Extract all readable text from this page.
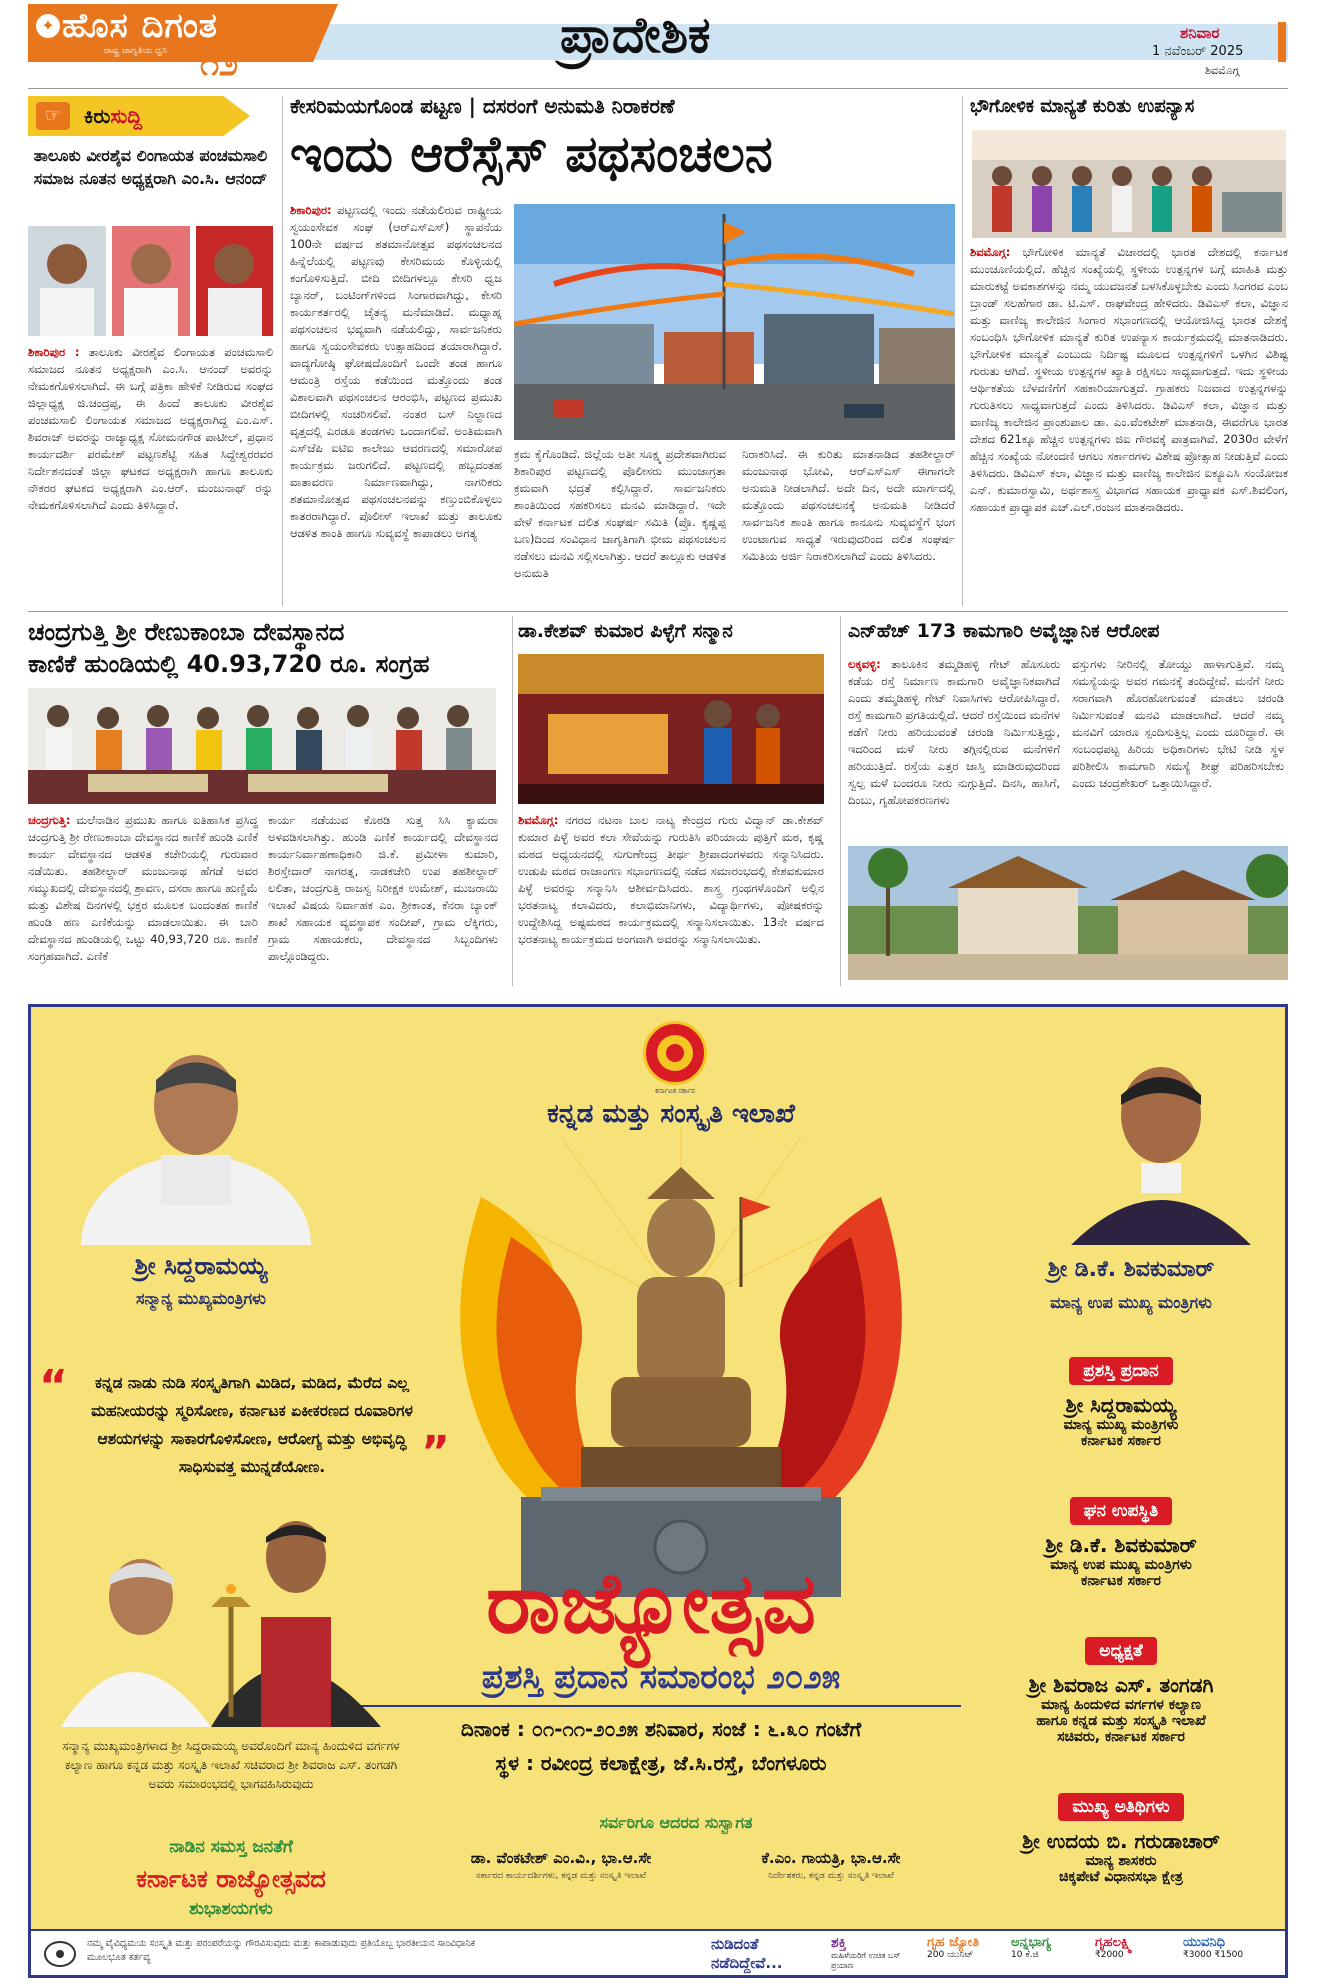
✦ ಹೊಸ ದಿಗಂತ
ರಾಷ್ಟ್ರ ಜಾಗೃತಿಯ ಧ್ವನಿ ೧೨	ಪ್ರಾದೇಶಿಕ	ಶನಿವಾರ
1 ನವೆಂಬರ್ 2025
ಶಿವಮೊಗ್ಗ
☞	ಕಿರುಸುದ್ದಿ
ತಾಲೂಕು ವೀರಶೈವ ಲಿಂಗಾಯತ ಪಂಚಮಸಾಲಿ ಸಮಾಜ ನೂತನ ಅಧ್ಯಕ್ಷರಾಗಿ ಎಂ.ಸಿ. ಆನಂದ್
ಶಿಕಾರಿಪುರ : ತಾಲೂಕು ವೀರಶೈವ ಲಿಂಗಾಯತ ಪಂಚಮಸಾಲಿ ಸಮಾಜದ ನೂತನ ಅಧ್ಯಕ್ಷರಾಗಿ ಎಂ.ಸಿ. ಆನಂದ್ ಅವರನ್ನು ನೇಮಕಗೊಳಿಸಲಾಗಿದೆ. ಈ ಬಗ್ಗೆ ಪತ್ರಿಕಾ ಹೇಳಿಕೆ ನೀಡಿರುವ ಸಂಘದ ಜಿಲ್ಲಾಧ್ಯಕ್ಷ ಜಿ.ಚಂದ್ರಪ್ಪ, ಈ ಹಿಂದೆ ತಾಲೂಕು ವೀರಶೈವ ಪಂಚಮಸಾಲಿ ಲಿಂಗಾಯತ ಸಮಾಜದ ಅಧ್ಯಕ್ಷರಾಗಿದ್ದ ಎಂ.ಎಸ್. ಶಿವರಾಜ್ ಅವರನ್ನು ರಾಜ್ಯಾಧ್ಯಕ್ಷ ಸೋಮನಗೌಡ ಪಾಟೀಲ್, ಪ್ರಧಾನ ಕಾರ್ಯದರ್ಶಿ ಪರಮೇಶ್ ಪಟ್ಟಣಶೆಟ್ಟಿ ಸಹಿತ ಸಿದ್ದೇಶ್ವರರವರ ನಿರ್ದೇಶನದಂತೆ ಜಿಲ್ಲಾ ಘಟಕದ ಅಧ್ಯಕ್ಷರಾಗಿ ಹಾಗೂ ತಾಲೂಕು ನೌಕರರ ಘಟಕದ ಅಧ್ಯಕ್ಷರಾಗಿ ಎಂ.ಆರ್. ಮಂಜುನಾಥ್ ರನ್ನು ನೇಮಕಗೊಳಿಸಲಾಗಿದೆ ಎಂದು ತಿಳಿಸಿದ್ದಾರೆ.
ಕೇಸರಿಮಯಗೊಂಡ ಪಟ್ಟಣ | ದಸರಂಗೆ ಅನುಮತಿ ನಿರಾಕರಣೆ
ಇಂದು ಆರೆಸ್ಸೆಸ್ ಪಥಸಂಚಲನ
ಶಿಕಾರಿಪುರ: ಪಟ್ಟಣದಲ್ಲಿ ಇಂದು ನಡೆಯಲಿರುವ ರಾಷ್ಟ್ರೀಯ ಸ್ವಯಂಸೇವಕ ಸಂಘ (ಆರ್‌ಎಸ್‌ಎಸ್) ಸ್ಥಾಪನೆಯ 100ನೇ ವರ್ಷದ ಶತಮಾನೋತ್ಸವ ಪಥಸಂಚಲನದ ಹಿನ್ನೆಲೆಯಲ್ಲಿ ಪಟ್ಟಣವು ಕೇಸರಿಮಯ ಕೊಳ್ಳಿಯಲ್ಲಿ ಕಂಗೊಳಿಸುತ್ತಿದೆ. ಬೀದಿ ಬೀದಿಗಳಲ್ಲೂ ಕೇಸರಿ ಧ್ವಜ ಬ್ಯಾನರ್, ಬಂಟಿಂಗ್‌ಗಳಿಂದ ಸಿಂಗಾರವಾಗಿದ್ದು, ಕೇಸರಿ ಕಾರ್ಯಕರ್ತರಲ್ಲಿ ಚೈತನ್ಯ ಮನೆಮಾಡಿದೆ. ಮಧ್ಯಾಹ್ನ ಪಥಸಂಚಲನ ಭವ್ಯವಾಗಿ ನಡೆಯಲಿದ್ದು, ಸಾರ್ವಜನಿಕರು ಹಾಗೂ ಸ್ವಯಂಸೇವಕರು ಉತ್ಸಾಹದಿಂದ ತಯಾರಾಗಿದ್ದಾರೆ. ವಾದ್ಯಗೋಷ್ಠಿ ಘೋಷದೊಂದಿಗೆ ಒಂದೇ ತಂಡ ಹಾಗೂ ಆಮಂತ್ರಿ ರಸ್ತೆಯ ಕಡೆಯಿಂದ ಮತ್ತೊಂದು ತಂಡ ವಿಶಾಲವಾಗಿ ಪಥಸಂಚಲನ ಆರಂಭಿಸಿ, ಪಟ್ಟಣದ ಪ್ರಮುಖ ಬೀದಿಗಳಲ್ಲಿ ಸಂಚರಿಸಲಿವೆ. ನಂತರ ಬಸ್ ನಿಲ್ದಾಣದ ವೃತ್ತದಲ್ಲಿ ಎರಡೂ ತಂಡಗಳು ಒಂದಾಗಲಿವೆ. ಅಂತಿಮವಾಗಿ ಎಸ್‌ಜೆಪಿ ಐಟಿಐ ಕಾಲೇಜು ಆವರಣದಲ್ಲಿ ಸಮಾರೋಪ ಕಾರ್ಯಕ್ರಮ ಜರುಗಲಿದೆ. ಪಟ್ಟಣದಲ್ಲಿ ಹಬ್ಬದಂತಹ ವಾತಾವರಣ ನಿರ್ಮಾಣವಾಗಿದ್ದು, ನಾಗರಿಕರು ಶತಮಾನೋತ್ಸವ ಪಥಸಂಚಲನವನ್ನು ಕಣ್ತುಂಬಿಕೊಳ್ಳಲು ಕಾತರರಾಗಿದ್ದಾರೆ. ಪೊಲೀಸ್ ಇಲಾಖೆ ಮತ್ತು ತಾಲೂಕು ಆಡಳಿತ ಶಾಂತಿ ಹಾಗೂ ಸುವ್ಯವಸ್ಥೆ ಕಾಪಾಡಲು ಅಗತ್ಯ
ಕ್ರಮ ಕೈಗೊಂಡಿದೆ. ಜಿಲ್ಲೆಯ ಅತೀ ಸೂಕ್ಷ್ಮ ಪ್ರದೇಶವಾಗಿರುವ ಶಿಕಾರಿಪುರ ಪಟ್ಟಣದಲ್ಲಿ ಪೊಲೀಸರು ಮುಂಜಾಗ್ರತಾ ಕ್ರಮವಾಗಿ ಭದ್ರತೆ ಕಲ್ಪಿಸಿದ್ದಾರೆ. ಸಾರ್ವಜನಿಕರು ಶಾಂತಿಯಿಂದ ಸಹಕರಿಸಲು ಮನವಿ ಮಾಡಿದ್ದಾರೆ. ಇದೇ ವೇಳೆ ಕರ್ನಾಟಕ ದಲಿತ ಸಂಘರ್ಷ ಸಮಿತಿ (ಪ್ರೊ. ಕೃಷ್ಣಪ್ಪ ಬಣ)ದಿಂದ ಸಂವಿಧಾನ ಜಾಗೃತಿಗಾಗಿ ಭೀಮ ಪಥಸಂಚಲನ ನಡೆಸಲು ಮನವಿ ಸಲ್ಲಿಸಲಾಗಿತ್ತು. ಆದರೆ ತಾಲ್ಲೂಕು ಆಡಳಿತ ಅನುಮತಿ
ನಿರಾಕರಿಸಿದೆ. ಈ ಕುರಿತು ಮಾತನಾಡಿದ ತಹಶೀಲ್ದಾರ್ ಮಂಜುನಾಥ ಭೋವಿ, ಆರ್‌ಎಸ್‌ಎಸ್ ಈಗಾಗಲೇ ಅನುಮತಿ ನೀಡಲಾಗಿದೆ. ಅದೇ ದಿನ, ಅದೇ ಮಾರ್ಗದಲ್ಲಿ ಮತ್ತೊಂದು ಪಥಸಂಚಲನಕ್ಕೆ ಅನುಮತಿ ನೀಡಿದರೆ ಸಾರ್ವಜನಿಕ ಶಾಂತಿ ಹಾಗೂ ಕಾನೂನು ಸುವ್ಯವಸ್ಥೆಗೆ ಭಂಗ ಉಂಟಾಗುವ ಸಾಧ್ಯತೆ ಇರುವುದರಿಂದ ದಲಿತ ಸಂಘರ್ಷ ಸಮಿತಿಯ ಅರ್ಜಿ ನಿರಾಕರಿಸಲಾಗಿದೆ ಎಂದು ತಿಳಿಸಿದರು.
ಭೌಗೋಳಿಕ ಮಾನ್ಯತೆ ಕುರಿತು ಉಪನ್ಯಾಸ
ಶಿವಮೊಗ್ಗ: ಭೌಗೋಳಿಕ ಮಾನ್ಯತೆ ವಿಚಾರದಲ್ಲಿ ಭಾರತ ದೇಶದಲ್ಲಿ ಕರ್ನಾಟಕ ಮುಂಚೂಣಿಯಲ್ಲಿದೆ. ಹೆಚ್ಚಿನ ಸಂಖ್ಯೆಯಲ್ಲಿ ಸ್ಥಳೀಯ ಉತ್ಪನ್ನಗಳ ಬಗ್ಗೆ ಮಾಹಿತಿ ಮತ್ತು ಮಾರುಕಟ್ಟೆ ಅವಕಾಶಗಳನ್ನು ನಮ್ಮ ಯುವಜನತೆ ಬಳಸಿಕೊಳ್ಳಬೇಕು ಎಂದು ಸಿಂಗರವ ಎಂಬ ಬ್ರಾಂಡ್ ಸಲಹೆಗಾರ ಡಾ. ಟಿ.ಎಸ್. ರಾಘವೇಂದ್ರ ಹೇಳಿದರು. ಡಿವಿಎಸ್ ಕಲಾ, ವಿಜ್ಞಾನ ಮತ್ತು ವಾಣಿಜ್ಯ ಕಾಲೇಜಿನ ಸಿಂಗಾರ ಸಭಾಂಗಣದಲ್ಲಿ ಆಯೋಜಿಸಿದ್ದ ಭಾರತ ದೇಶಕ್ಕೆ ಸಂಬಂಧಿಸಿ ಭೌಗೋಳಿಕ ಮಾನ್ಯತೆ ಕುರಿತ ಉಪನ್ಯಾಸ ಕಾರ್ಯಕ್ರಮದಲ್ಲಿ ಮಾತನಾಡಿದರು. ಭೌಗೋಳಿಕ ಮಾನ್ಯತೆ ಎಂಬುದು ನಿರ್ದಿಷ್ಟ ಮೂಲದ ಉತ್ಪನ್ನಗಳಿಗೆ ಒಳಗಿನ ವಿಶಿಷ್ಟ ಗುರುತು ಆಗಿದೆ. ಸ್ಥಳೀಯ ಉತ್ಪನ್ನಗಳ ಖ್ಯಾತಿ ರಕ್ಷಿಸಲು ಸಾಧ್ಯವಾಗುತ್ತದೆ. ಇದು ಸ್ಥಳೀಯ ಆರ್ಥಿಕತೆಯ ಬೆಳವಣಿಗೆಗೆ ಸಹಕಾರಿಯಾಗುತ್ತದೆ. ಗ್ರಾಹಕರು ನಿಜವಾದ ಉತ್ಪನ್ನಗಳನ್ನು ಗುರುತಿಸಲು ಸಾಧ್ಯವಾಗುತ್ತದೆ ಎಂದು ತಿಳಿಸಿದರು. ಡಿವಿಎಸ್ ಕಲಾ, ವಿಜ್ಞಾನ ಮತ್ತು ವಾಣಿಜ್ಯ ಕಾಲೇಜಿನ ಪ್ರಾಂಶುಪಾಲ ಡಾ. ಎಂ.ವೆಂಕಟೇಶ್ ಮಾತನಾಡಿ, ಈವರೆಗೂ ಭಾರತ ದೇಶದ 621ಕ್ಕೂ ಹೆಚ್ಚಿನ ಉತ್ಪನ್ನಗಳು ಜಿಐ ಗೌರವಕ್ಕೆ ಪಾತ್ರವಾಗಿವೆ. 2030ರ ವೇಳೆಗೆ ಹೆಚ್ಚಿನ ಸಂಖ್ಯೆಯ ನೋಂದಣಿ ಆಗಲು ಸರ್ಕಾರಗಳು ವಿಶೇಷ ಪ್ರೋತ್ಸಾಹ ನೀಡುತ್ತಿವೆ ಎಂದು ತಿಳಿಸಿದರು. ಡಿವಿಎಸ್ ಕಲಾ, ವಿಜ್ಞಾನ ಮತ್ತು ವಾಣಿಜ್ಯ ಕಾಲೇಜಿನ ಐಕ್ಯೂಎಸಿ ಸಂಯೋಜಕ ಎನ್. ಕುಮಾರಸ್ವಾಮಿ, ಅರ್ಥಶಾಸ್ತ್ರ ವಿಭಾಗದ ಸಹಾಯಕ ಪ್ರಾಧ್ಯಾಪಕ ಎಸ್.ಶಿವಲಿಂಗ, ಸಹಾಯಕ ಪ್ರಾಧ್ಯಾಪಕ ಎಚ್.ಎಲ್.ರಂಜನ ಮಾತನಾಡಿದರು.
ಚಂದ್ರಗುತ್ತಿ ಶ್ರೀ ರೇಣುಕಾಂಬಾ ದೇವಸ್ಥಾನದ
ಕಾಣಿಕೆ ಹುಂಡಿಯಲ್ಲಿ 40.93,720 ರೂ. ಸಂಗ್ರಹ
ಚಂದ್ರಗುತ್ತಿ: ಮಲೆನಾಡಿನ ಪ್ರಮುಖ ಹಾಗೂ ಐತಿಹಾಸಿಕ ಪ್ರಸಿದ್ಧ ಚಂದ್ರಗುತ್ತಿ ಶ್ರೀ ರೇಣುಕಾಂಬಾ ದೇವಸ್ಥಾನದ ಕಾಣಿಕೆ ಹುಂಡಿ ಎಣಿಕೆ ಕಾರ್ಯ ದೇವಸ್ಥಾನದ ಆಡಳಿತ ಕಚೇರಿಯಲ್ಲಿ ಗುರುವಾರ ನಡೆಯಿತು. ತಹಶೀಲ್ದಾರ್ ಮಂಜುನಾಥ ಹೆಗಡೆ ಅವರ ಸಮ್ಮುಖದಲ್ಲಿ ದೇವಸ್ಥಾನದಲ್ಲಿ ಶ್ರಾವಣ, ದಸರಾ ಹಾಗೂ ಹುಣ್ಣಿಮೆ ಮತ್ತು ವಿಶೇಷ ದಿನಗಳಲ್ಲಿ ಭಕ್ತರ ಮೂಲಕ ಬಂದಂತಹ ಕಾಣಿಕೆ ಹುಂಡಿ ಹಣ ಎಣಿಕೆಯನ್ನು ಮಾಡಲಾಯಿತು. ಈ ಬಾರಿ ದೇವಸ್ಥಾನದ ಹುಂಡಿಯಲ್ಲಿ ಒಟ್ಟು 40,93,720 ರೂ. ಕಾಣಿಕೆ ಸಂಗ್ರಹವಾಗಿದೆ. ಎಣಿಕೆ
ಕಾರ್ಯ ನಡೆಯುವ ಕೊಠಡಿ ಸುತ್ತ ಸಿಸಿ ಕ್ಯಾಮರಾ ಅಳವಡಿಸಲಾಗಿತ್ತು. ಹುಂಡಿ ಎಣಿಕೆ ಕಾರ್ಯದಲ್ಲಿ ದೇವಸ್ಥಾನದ ಕಾರ್ಯನಿರ್ವಾಹಣಾಧಿಕಾರಿ ಜಿ.ಕೆ. ಪ್ರಮೀಳಾ ಕುಮಾರಿ, ಶಿರಸ್ತೇದಾರ್ ನಾಗರತ್ನ, ನಾಡಕಚೇರಿ ಉಪ ತಹಶೀಲ್ದಾರ್ ಲಲಿತಾ, ಚಂದ್ರಗುತ್ತಿ ರಾಜಸ್ವ ನಿರೀಕ್ಷಕ ಉಮೇಶ್, ಮುಜರಾಯಿ ಇಲಾಖೆ ವಿಷಯ ನಿರ್ವಾಹಕ ಎಂ. ಶ್ರೀಕಾಂತ, ಕೆನರಾ ಬ್ಯಾಂಕ್ ಶಾಖೆ ಸಹಾಯಕ ವ್ಯವಸ್ಥಾಪಕ ಸಂದೀಪ್, ಗ್ರಾಮ ಲೆಕ್ಕಿಗರು, ಗ್ರಾಮ ಸಹಾಯಕರು, ದೇವಸ್ಥಾನದ ಸಿಬ್ಬಂದಿಗಳು ಪಾಲ್ಗೊಂಡಿದ್ದರು.
ಡಾ.ಕೇಶವ್ ಕುಮಾರ ಪಿಳ್ಳೆಗೆ ಸನ್ಮಾನ
ಶಿವಮೊಗ್ಗ: ನಗರದ ನಟನಾ ಬಾಲ ನಾಟ್ಯ ಕೇಂದ್ರದ ಗುರು ವಿದ್ವಾನ್ ಡಾ.ಕೇಶವ್ ಕುಮಾರ ಪಿಳ್ಳೆ ಅವರ ಕಲಾ ಸೇವೆಯನ್ನು ಗುರುತಿಸಿ ಪರಿಯಾಯ ಪುತ್ತಿಗೆ ಮಠ, ಕೃಷ್ಣ ಮಠದ ಅಧ್ಯಯನದಲ್ಲಿ ಸುಗುಣೇಂದ್ರ ತೀರ್ಥ ಶ್ರೀಪಾದಂಗಳವರು ಸನ್ಮಾನಿಸಿದರು. ಉಡುಪಿ ಮಠದ ರಾಜಾಂಗಣ ಸಭಾಂಗಣದಲ್ಲಿ ನಡೆದ ಸಮಾರಂಭದಲ್ಲಿ ಕೇಶವಕುಮಾರ ಪಿಳ್ಳೆ ಅವರನ್ನು ಸನ್ಮಾನಿಸಿ ಆಶೀರ್ವದಿಸಿದರು. ಶಾಸ್ತ್ರ ಗ್ರಂಥಗಳೊಂದಿಗೆ ಅಲ್ಲಿನ ಭರತನಾಟ್ಯ ಕಲಾವಿದರು, ಕಲಾಭಿಮಾನಿಗಳು, ವಿದ್ಯಾರ್ಥಿಗಳು, ಪೋಷಕರನ್ನು ಉದ್ದೇಶಿಸಿದ್ದ ಅಷ್ಟಮಠದ ಕಾರ್ಯಕ್ರಮದಲ್ಲಿ ಸನ್ಮಾನಿಸಲಾಯಿತು. 13ನೇ ವರ್ಷದ ಭರತನಾಟ್ಯ ಕಾರ್ಯಕ್ರಮದ ಅಂಗವಾಗಿ ಅವರನ್ನು ಸನ್ಮಾನಿಸಲಾಯಿತು.
ಎನ್‌ಹೆಚ್ 173 ಕಾಮಗಾರಿ ಅವೈಜ್ಞಾನಿಕ ಆರೋಪ
ಲಕ್ಕವಳ್ಳಿ: ತಾಲೂಕಿನ ತಮ್ಮಡಿಹಳ್ಳಿ ಗೇಟ್ ಹೊಸೂರು ಕಡೆಯ ರಸ್ತೆ ನಿರ್ಮಾಣ ಕಾಮಗಾರಿ ಅವೈಜ್ಞಾನಿಕವಾಗಿದೆ ಎಂದು ತಮ್ಮಡಿಹಳ್ಳಿ ಗೇಟ್ ನಿವಾಸಿಗಳು ಆರೋಪಿಸಿದ್ದಾರೆ. ರಸ್ತೆ ಕಾಮಗಾರಿ ಪ್ರಗತಿಯಲ್ಲಿದೆ. ಆದರೆ ರಸ್ತೆಯಿಂದ ಮನೆಗಳ ಕಡೆಗೆ ನೀರು ಹರಿಯುವಂತೆ ಚರಂಡಿ ನಿರ್ಮಿಸುತ್ತಿದ್ದು, ಇದರಿಂದ ಮಳೆ ನೀರು ತಗ್ಗಿನಲ್ಲಿರುವ ಮನೆಗಳಿಗೆ ಹರಿಯುತ್ತಿದೆ. ರಸ್ತೆಯ ಎತ್ತರ ಜಾಸ್ತಿ ಮಾಡಿರುವುದರಿಂದ ಸ್ವಲ್ಪ ಮಳೆ ಬಂದರೂ ನೀರು ನುಗ್ಗುತ್ತಿದೆ. ದಿನಸಿ, ಹಾಸಿಗೆ, ದಿಂಬು, ಗೃಹೋಪಕರಣಗಳು
ವಸ್ತುಗಳು ನೀರಿನಲ್ಲಿ ತೋಯ್ದು ಹಾಳಾಗುತ್ತಿವೆ. ನಮ್ಮ ಸಮಸ್ಯೆಯನ್ನು ಅವರ ಗಮನಕ್ಕೆ ತಂದಿದ್ದೇವೆ. ಮನೆಗೆ ನೀರು ಸರಾಗವಾಗಿ ಹೊರಹೋಗುವಂತೆ ಮಾಡಲು ಚರಂಡಿ ನಿರ್ಮಿಸುವಂತೆ ಮನವಿ ಮಾಡಲಾಗಿದೆ. ಆದರೆ ನಮ್ಮ ಮನವಿಗೆ ಯಾರೂ ಸ್ಪಂದಿಸುತ್ತಿಲ್ಲ ಎಂದು ದೂರಿದ್ದಾರೆ. ಈ ಸಂಬಂಧಪಟ್ಟ ಹಿರಿಯ ಅಧಿಕಾರಿಗಳು ಭೇಟಿ ನೀಡಿ ಸ್ಥಳ ಪರಿಶೀಲಿಸಿ ಕಾಮಗಾರಿ ಸಮಸ್ಯೆ ಶೀಘ್ರ ಪರಿಹರಿಸಬೇಕು ಎಂದು ಚಂದ್ರಶೇಖರ್ ಒತ್ತಾಯಿಸಿದ್ದಾರೆ.
ಕರ್ನಾಟಕ ಸರ್ಕಾರ
ಕನ್ನಡ ಮತ್ತು ಸಂಸ್ಕೃತಿ ಇಲಾಖೆ
ಶ್ರೀ ಸಿದ್ದರಾಮಯ್ಯ
ಸನ್ಮಾನ್ಯ ಮುಖ್ಯಮಂತ್ರಿಗಳು
ಶ್ರೀ ಡಿ.ಕೆ. ಶಿವಕುಮಾರ್
ಮಾನ್ಯ ಉಪ ಮುಖ್ಯ ಮಂತ್ರಿಗಳು
“	ಕನ್ನಡ ನಾಡು ನುಡಿ ಸಂಸ್ಕೃತಿಗಾಗಿ ಮಿಡಿದ, ಮಡಿದ, ಮೆರೆದ ಎಲ್ಲ ಮಹನೀಯರನ್ನು ಸ್ಮರಿಸೋಣ, ಕರ್ನಾಟಕ ಏಕೀಕರಣದ ರೂವಾರಿಗಳ ಆಶಯಗಳನ್ನು ಸಾಕಾರಗೊಳಿಸೋಣ, ಆರೋಗ್ಯ ಮತ್ತು ಅಭಿವೃದ್ಧಿ ಸಾಧಿಸುವತ್ತ ಮುನ್ನಡೆಯೋಣ.	”
ರಾಜ್ಯೋತ್ಸವ
ಪ್ರಶಸ್ತಿ ಪ್ರದಾನ ಸಮಾರಂಭ ೨೦೨೫
ದಿನಾಂಕ : ೦೧-೧೧-೨೦೨೫ ಶನಿವಾರ, ಸಂಜೆ : ೬.೩೦ ಗಂಟೆಗೆ
ಸ್ಥಳ : ರವೀಂದ್ರ ಕಲಾಕ್ಷೇತ್ರ, ಜೆ.ಸಿ.ರಸ್ತೆ, ಬೆಂಗಳೂರು
ಸರ್ವರಿಗೂ ಆದರದ ಸುಸ್ವಾಗತ
ಡಾ. ವೆಂಕಟೇಶ್ ಎಂ.ವಿ., ಭಾ.ಆ.ಸೇ
ಸರ್ಕಾರದ ಕಾರ್ಯದರ್ಶಿಗಳು, ಕನ್ನಡ ಮತ್ತು ಸಂಸ್ಕೃತಿ ಇಲಾಖೆ
ಕೆ.ಎಂ. ಗಾಯತ್ರಿ, ಭಾ.ಆ.ಸೇ
ನಿರ್ದೇಶಕರು, ಕನ್ನಡ ಮತ್ತು ಸಂಸ್ಕೃತಿ ಇಲಾಖೆ
ಸನ್ಮಾನ್ಯ ಮುಖ್ಯಮಂತ್ರಿಗಳಾದ ಶ್ರೀ ಸಿದ್ದರಾಮಯ್ಯ ಅವರೊಂದಿಗೆ ಮಾನ್ಯ ಹಿಂದುಳಿದ ವರ್ಗಗಳ ಕಲ್ಯಾಣ ಹಾಗೂ ಕನ್ನಡ ಮತ್ತು ಸಂಸ್ಕೃತಿ ಇಲಾಖೆ ಸಚಿವರಾದ ಶ್ರೀ ಶಿವರಾಜ ಎಸ್. ತಂಗಡಗಿ ಅವರು ಸಮಾರಂಭದಲ್ಲಿ ಭಾಗವಹಿಸಿರುವುದು
ನಾಡಿನ ಸಮಸ್ತ ಜನತೆಗೆ
ಕರ್ನಾಟಕ ರಾಜ್ಯೋತ್ಸವದ
ಶುಭಾಶಯಗಳು
ಪ್ರಶಸ್ತಿ ಪ್ರದಾನ
ಶ್ರೀ ಸಿದ್ದರಾಮಯ್ಯ
ಮಾನ್ಯ ಮುಖ್ಯ ಮಂತ್ರಿಗಳು
ಕರ್ನಾಟಕ ಸರ್ಕಾರ
ಘನ ಉಪಸ್ಥಿತಿ
ಶ್ರೀ ಡಿ.ಕೆ. ಶಿವಕುಮಾರ್
ಮಾನ್ಯ ಉಪ ಮುಖ್ಯ ಮಂತ್ರಿಗಳು
ಕರ್ನಾಟಕ ಸರ್ಕಾರ
ಅಧ್ಯಕ್ಷತೆ
ಶ್ರೀ ಶಿವರಾಜ ಎಸ್. ತಂಗಡಗಿ
ಮಾನ್ಯ ಹಿಂದುಳಿದ ವರ್ಗಗಳ ಕಲ್ಯಾಣ
ಹಾಗೂ ಕನ್ನಡ ಮತ್ತು ಸಂಸ್ಕೃತಿ ಇಲಾಖೆ
ಸಚಿವರು, ಕರ್ನಾಟಕ ಸರ್ಕಾರ
ಮುಖ್ಯ ಅತಿಥಿಗಳು
ಶ್ರೀ ಉದಯ ಬಿ. ಗರುಡಾಚಾರ್
ಮಾನ್ಯ ಶಾಸಕರು
ಚಿಕ್ಕಪೇಟೆ ವಿಧಾನಸಭಾ ಕ್ಷೇತ್ರ
ನಮ್ಮ ವೈವಿಧ್ಯಮಯ ಸಂಸ್ಕೃತಿ ಮತ್ತು ಪರಂಪರೆಯನ್ನು ಗೌರವಿಸುವುದು ಮತ್ತು ಕಾಪಾಡುವುದು ಪ್ರತಿಯೊಬ್ಬ ಭಾರತೀಯನ ಸಾಂವಿಧಾನಿಕ ಮೂಲಭೂತ ಕರ್ತವ್ಯ
ನುಡಿದಂತೆ
ನಡೆದಿದ್ದೇವೆ...
ಶಕ್ತಿ
ಮಹಿಳೆಯರಿಗೆ ಉಚಿತ ಬಸ್ ಪ್ರಯಾಣ
ಗೃಹ ಜ್ಯೋತಿ
200 ಯುನಿಟ್
ಅನ್ನಭಾಗ್ಯ
10 ಕೆ.ಜಿ
ಗೃಹಲಕ್ಷ್ಮಿ
₹2000
ಯುವನಿಧಿ
₹3000 ₹1500
